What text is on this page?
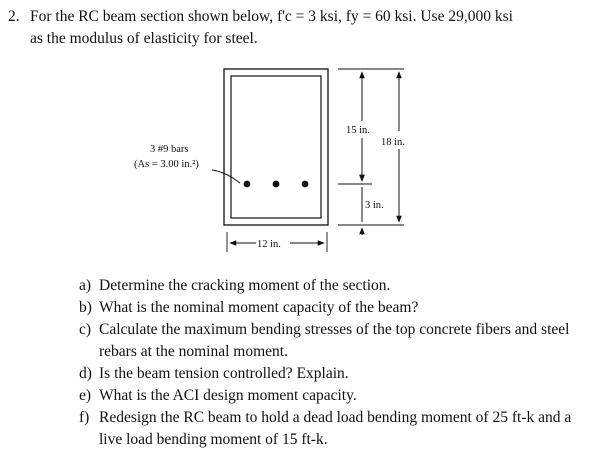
2. For the RC beam section shown below, f'c = 3 ksi, fy = 60 ksi. Use 29,000 ksi
as the modulus of elasticity for steel.
3 #9 bars
(As = 3.00 in.²)
15 in.
18 in.
3 in.
12 in.
a) Determine the cracking moment of the section.
b) What is the nominal moment capacity of the beam?
c) Calculate the maximum bending stresses of the top concrete fibers and steel rebars at the nominal moment.
d) Is the beam tension controlled? Explain.
e) What is the ACI design moment capacity.
f) Redesign the RC beam to hold a dead load bending moment of 25 ft-k and a live load bending moment of 15 ft-k.
